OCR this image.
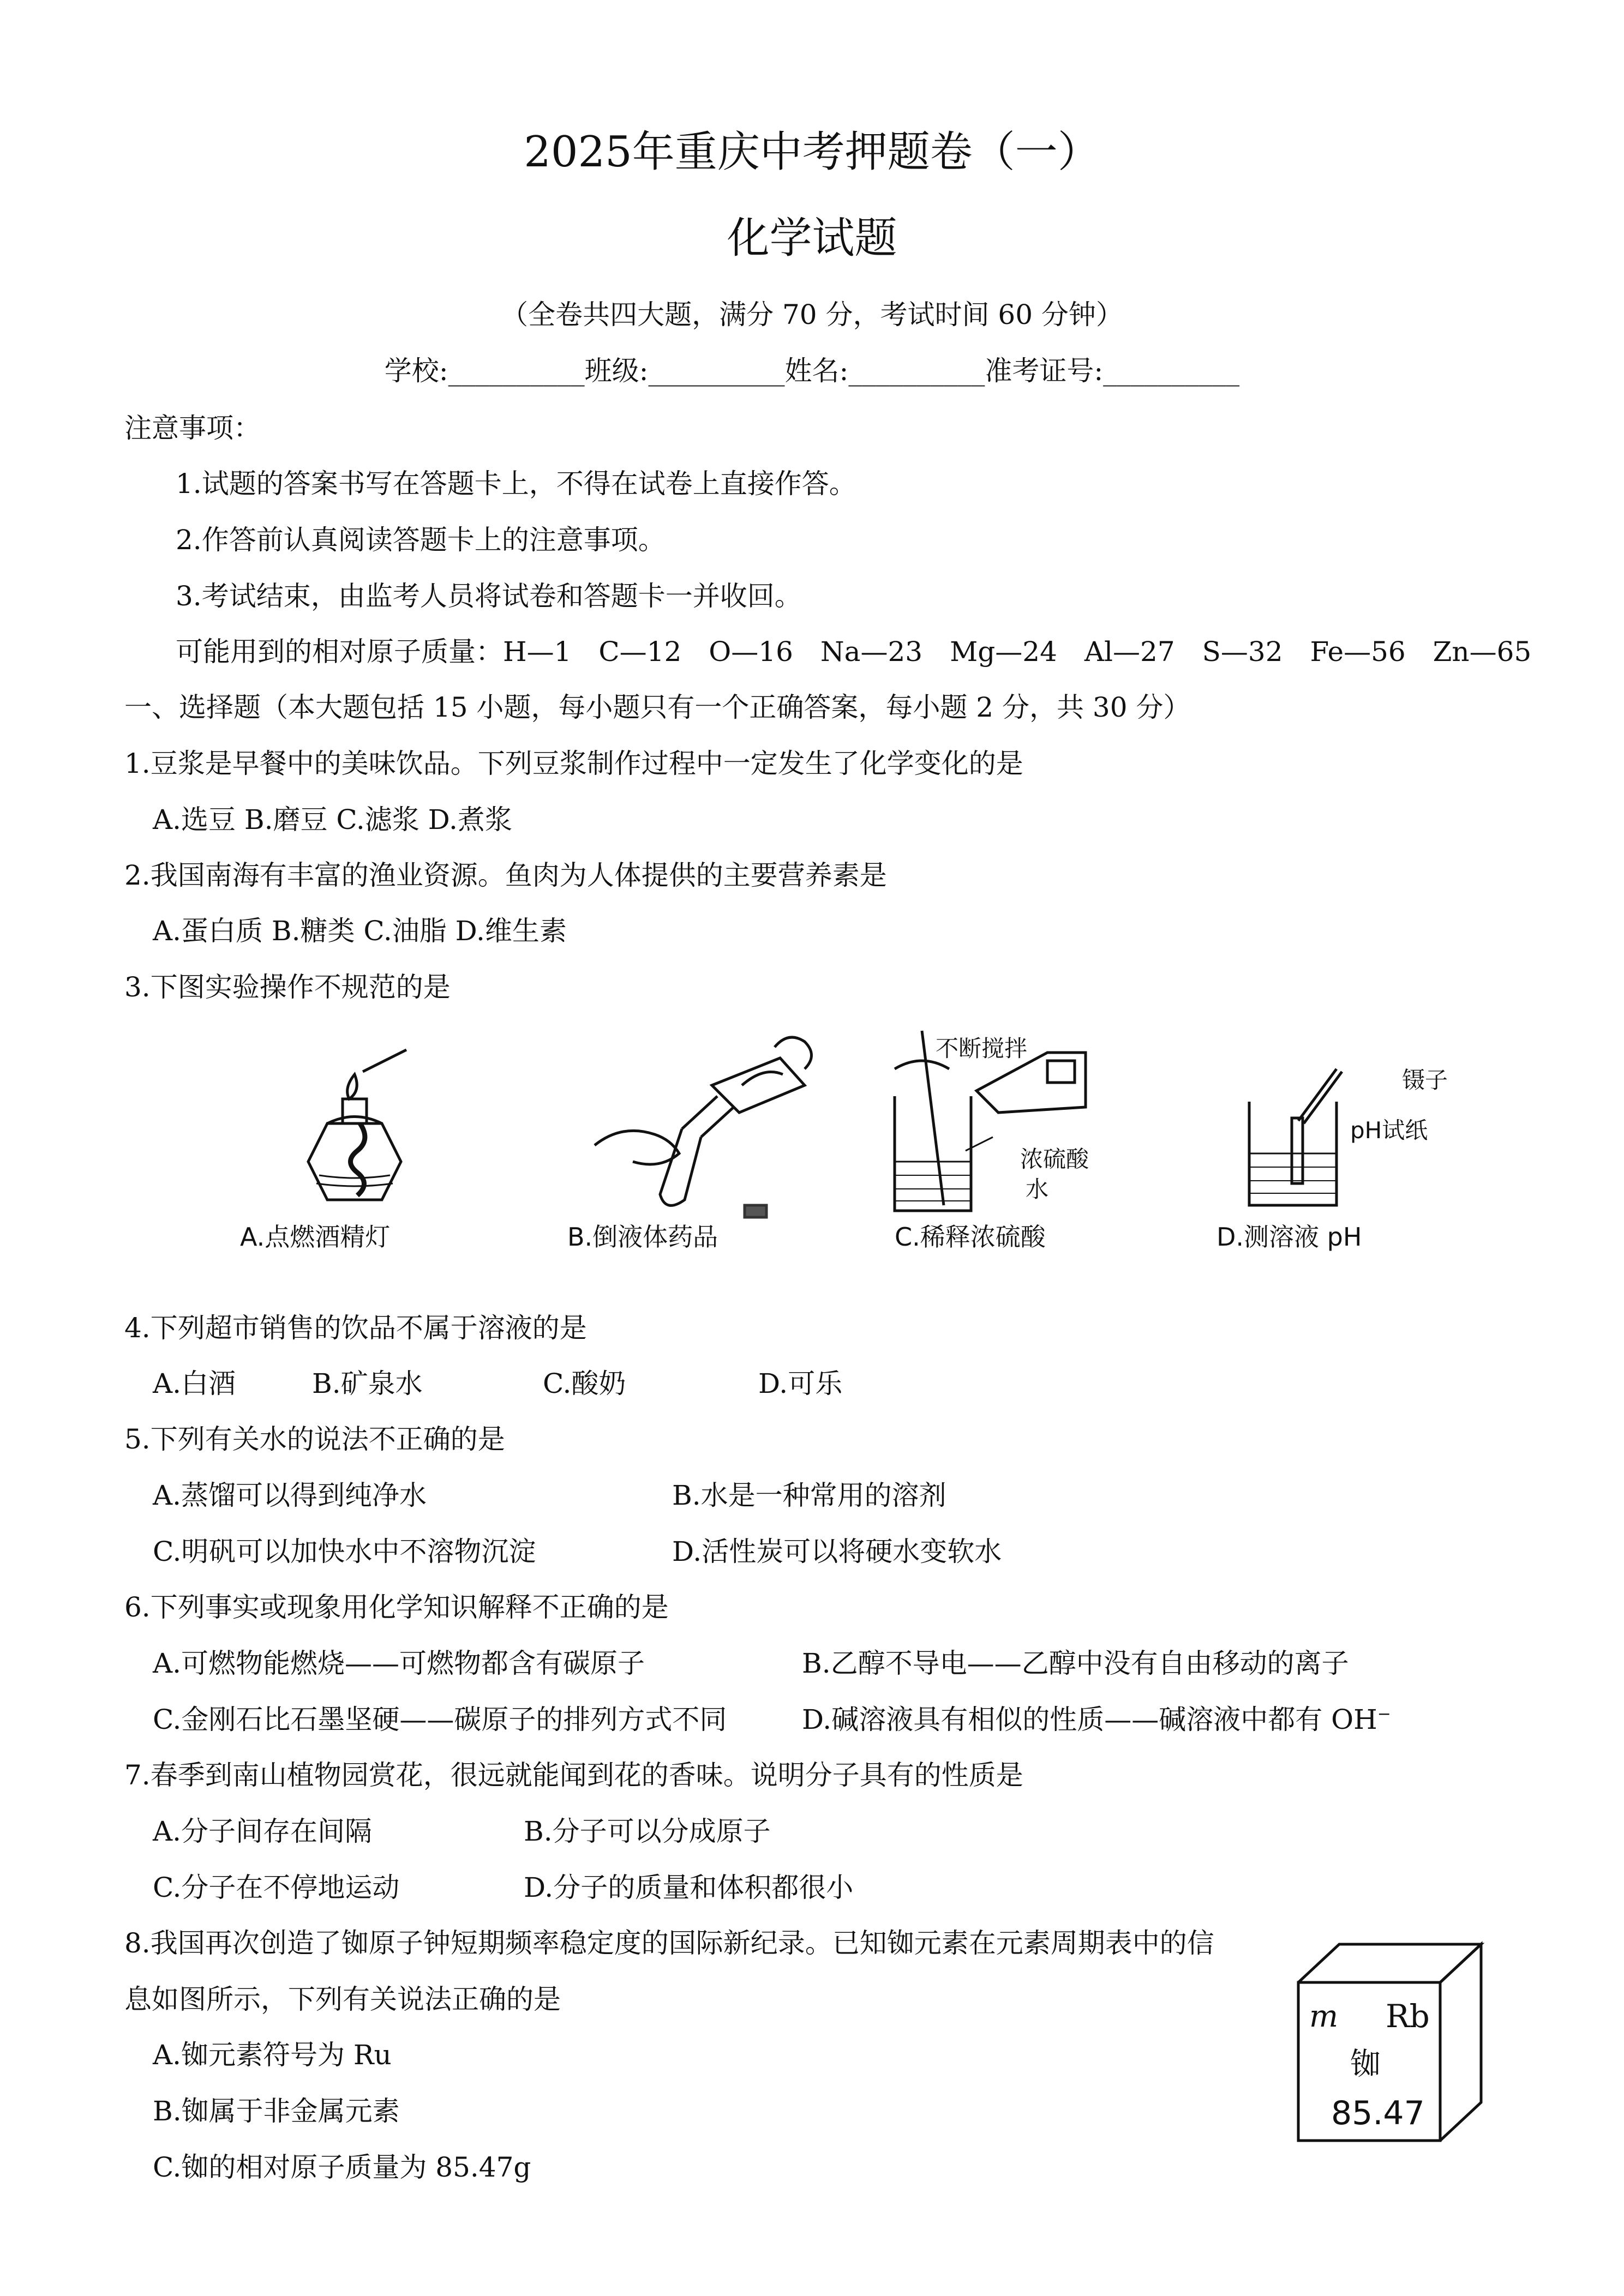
2025年重庆中考押题卷（一）
化学试题
（全卷共四大题，满分 70 分，考试时间 60 分钟）
学校:__________班级:__________姓名:__________准考证号:__________
注意事项：
1.试题的答案书写在答题卡上，不得在试卷上直接作答。
2.作答前认真阅读答题卡上的注意事项。
3.考试结束，由监考人员将试卷和答题卡一并收回。
可能用到的相对原子质量：H—1　C—12　O—16　Na—23　Mg—24　Al—27　S—32　Fe—56　Zn—65
一、选择题（本大题包括 15 小题，每小题只有一个正确答案，每小题 2 分，共 30 分）
1.豆浆是早餐中的美味饮品。下列豆浆制作过程中一定发生了化学变化的是
A.选豆 B.磨豆 C.滤浆 D.煮浆
2.我国南海有丰富的渔业资源。鱼肉为人体提供的主要营养素是
A.蛋白质 B.糖类 C.油脂 D.维生素
3.下图实验操作不规范的是
不断搅拌
浓硫酸
水
镊子
pH试纸
A.点燃酒精灯	B.倒液体药品	C.稀释浓硫酸	D.测溶液 pH
4.下列超市销售的饮品不属于溶液的是
A.白酒	B.矿泉水	C.酸奶	D.可乐
5.下列有关水的说法不正确的是
A.蒸馏可以得到纯净水	B.水是一种常用的溶剂
C.明矾可以加快水中不溶物沉淀	D.活性炭可以将硬水变软水
6.下列事实或现象用化学知识解释不正确的是
A.可燃物能燃烧——可燃物都含有碳原子	B.乙醇不导电——乙醇中没有自由移动的离子
C.金刚石比石墨坚硬——碳原子的排列方式不同	D.碱溶液具有相似的性质——碱溶液中都有 OH−
7.春季到南山植物园赏花，很远就能闻到花的香味。说明分子具有的性质是
A.分子间存在间隔	B.分子可以分成原子
C.分子在不停地运动	D.分子的质量和体积都很小
8.我国再次创造了铷原子钟短期频率稳定度的国际新纪录。已知铷元素在元素周期表中的信
息如图所示，下列有关说法正确的是
A.铷元素符号为 Ru
B.铷属于非金属元素
C.铷的相对原子质量为 85.47g
m Rb
铷
85.47
